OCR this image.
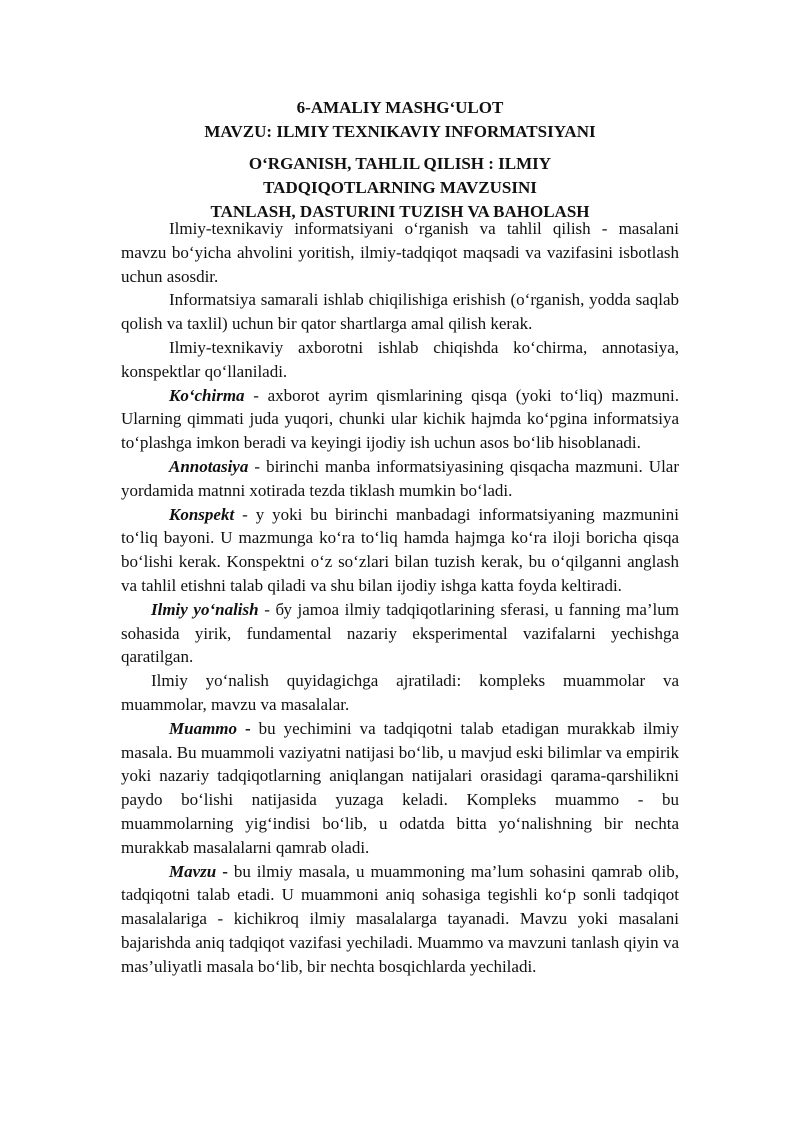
6-AMALIY MASHG‘ULOT
MAVZU: ILMIY TEXNIKAVIY INFORMATSIYANI
O‘RGANISH, TAHLIL QILISH : ILMIY
TADQIQOTLARNING MAVZUSINI
TANLASH, DASTURINI TUZISH VA BAHOLASH

Ilmiy-texnikaviy informatsiyani o‘rganish va tahlil qilish - masalani mavzu bo‘yicha ahvolini yoritish, ilmiy-tadqiqot maqsadi va vazifasini isbotlash uchun asosdir.

Informatsiya samarali ishlab chiqilishiga erishish (o‘rganish, yodda saqlab qolish va taxlil) uchun bir qator shartlarga amal qilish kerak.

Ilmiy-texnikaviy axborotni ishlab chiqishda ko‘chirma, annotasiya, konspektlar qo‘llaniladi.

Ko‘chirma - axborot ayrim qismlarining qisqa (yoki to‘liq) mazmuni. Ularning qimmati juda yuqori, chunki ular kichik hajmda ko‘pgina informatsiya to‘plashga imkon beradi va keyingi ijodiy ish uchun asos bo‘lib hisoblanadi.

Annotasiya - birinchi manba informatsiyasining qisqacha mazmuni. Ular yordamida matnni xotirada tezda tiklash mumkin bo‘ladi.

Konspekt - у yoki bu birinchi manbadagi informatsiyaning mazmunini to‘liq bayoni. U mazmunga ko‘ra to‘liq hamda hajmga ko‘ra iloji boricha qisqa bo‘lishi kerak. Konspektni o‘z so‘zlari bilan tuzish kerak, bu o‘qilganni anglash va tahlil etishni talab qiladi va shu bilan ijodiy ishga katta foyda keltiradi.

Ilmiy yo‘nalish - бу jamoa ilmiy tadqiqotlarining sferasi, u fanning ma’lum sohasida yirik, fundamental nazariy eksperimental vazifalarni yechishga qaratilgan.

Ilmiy yo‘nalish quyidagichga ajratiladi: kompleks muammolar va muammolar, mavzu va masalalar.

Muammo - bu yechimini va tadqiqotni talab etadigan murakkab ilmiy masala. Bu muammoli vaziyatni natijasi bo‘lib, u mavjud eski bilimlar va empirik yoki nazariy tadqiqotlarning aniqlangan natijalari orasidagi qarama-qarshilikni paydo bo‘lishi natijasida yuzaga keladi. Kompleks muammo - bu muammolarning yig‘indisi bo‘lib, u odatda bitta yo‘nalishning bir nechta murakkab masalalarni qamrab oladi.

Mavzu - bu ilmiy masala, u muammoning ma’lum sohasini qamrab olib, tadqiqotni talab etadi. U muammoni aniq sohasiga tegishli ko‘p sonli tadqiqot masalalariga - kichikroq ilmiy masalalarga tayanadi. Mavzu yoki masalani bajarishda aniq tadqiqot vazifasi yechiladi. Muammo va mavzuni tanlash qiyin va mas’uliyatli masala bo‘lib, bir nechta bosqichlarda yechiladi.
